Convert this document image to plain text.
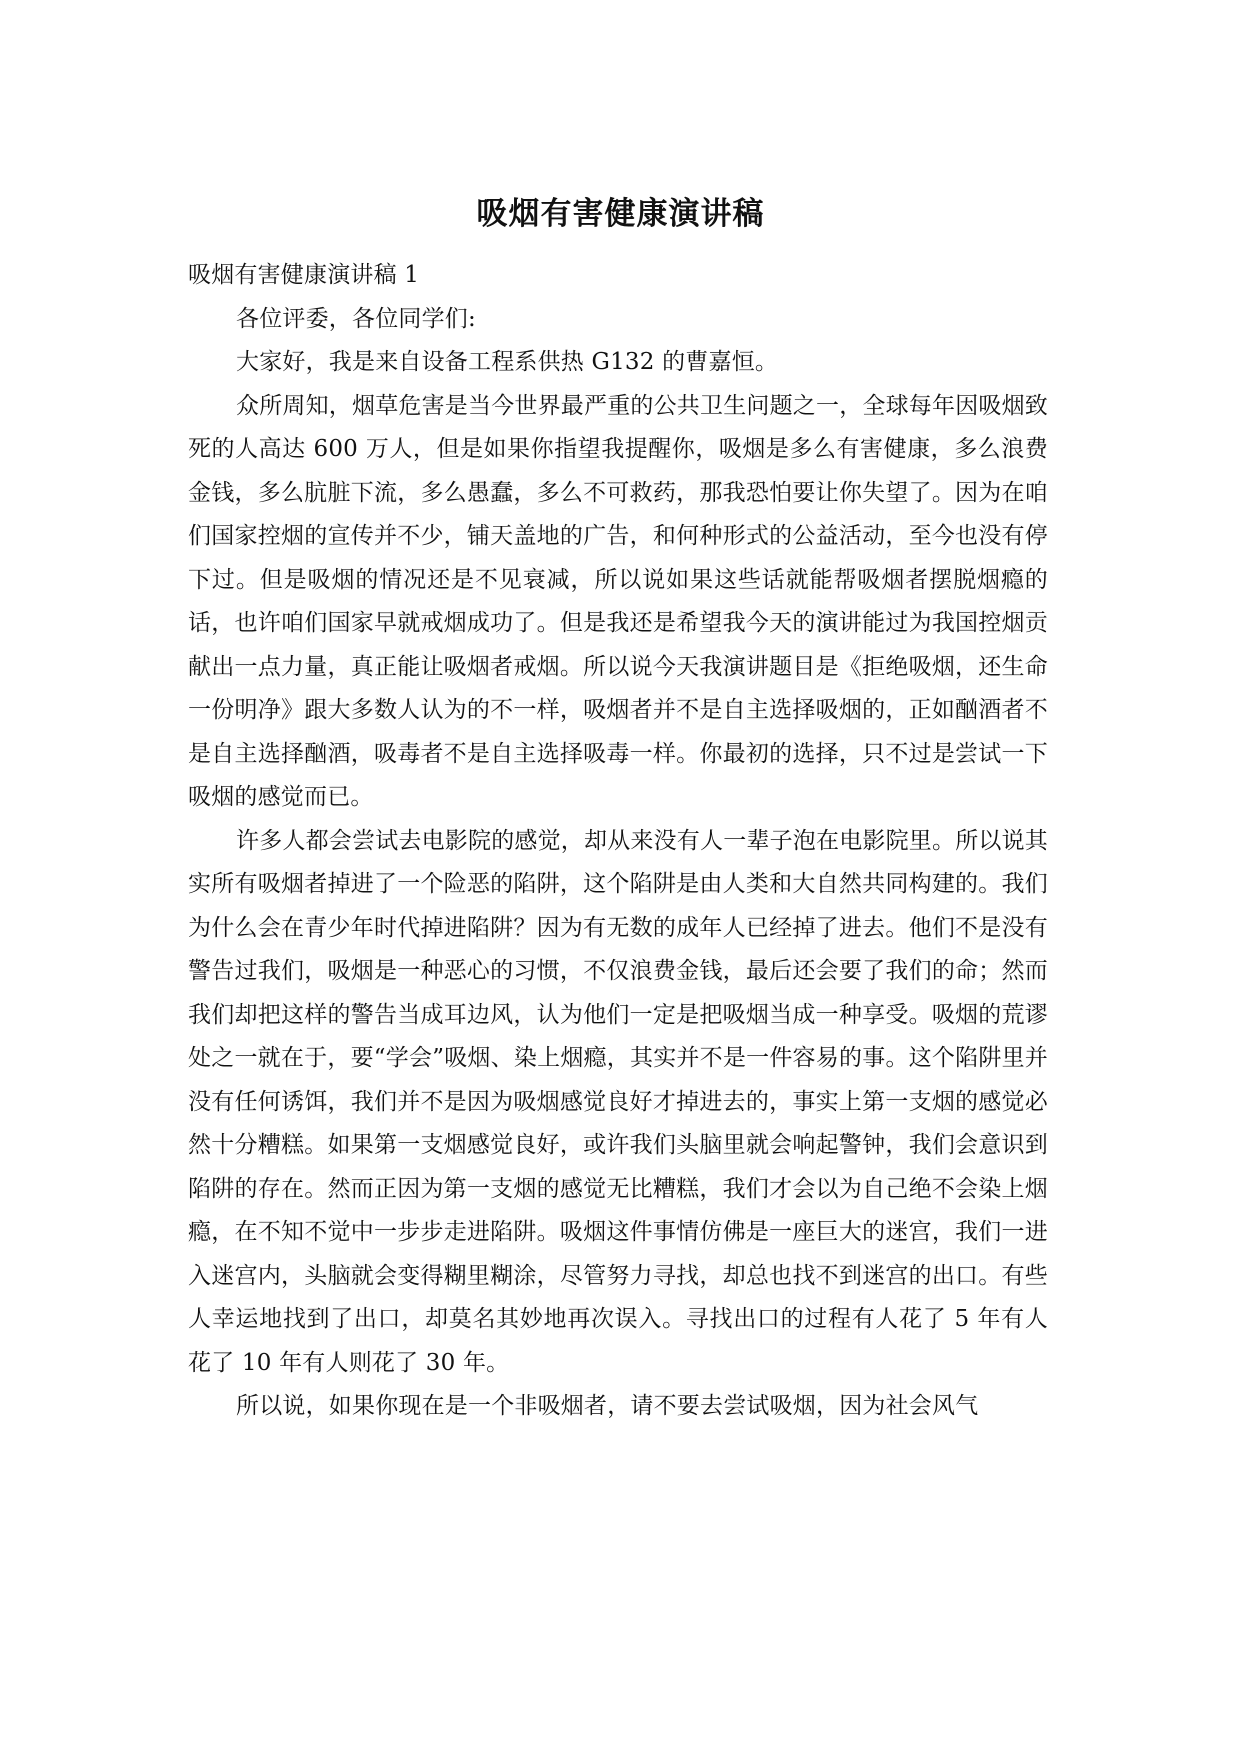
吸烟有害健康演讲稿

吸烟有害健康演讲稿 1

各位评委，各位同学们:

大家好，我是来自设备工程系供热 G132 的曹嘉恒。

众所周知，烟草危害是当今世界最严重的公共卫生问题之一，全球每年因吸烟致死的人高达 600 万人，但是如果你指望我提醒你，吸烟是多么有害健康，多么浪费金钱，多么肮脏下流，多么愚蠢，多么不可救药，那我恐怕要让你失望了。因为在咱们国家控烟的宣传并不少，铺天盖地的广告，和何种形式的公益活动，至今也没有停下过。但是吸烟的情况还是不见衰减，所以说如果这些话就能帮吸烟者摆脱烟瘾的话，也许咱们国家早就戒烟成功了。但是我还是希望我今天的演讲能过为我国控烟贡献出一点力量，真正能让吸烟者戒烟。所以说今天我演讲题目是《拒绝吸烟，还生命一份明净》跟大多数人认为的不一样，吸烟者并不是自主选择吸烟的，正如酗酒者不是自主选择酗酒，吸毒者不是自主选择吸毒一样。你最初的选择，只不过是尝试一下吸烟的感觉而已。

许多人都会尝试去电影院的感觉，却从来没有人一辈子泡在电影院里。所以说其实所有吸烟者掉进了一个险恶的陷阱，这个陷阱是由人类和大自然共同构建的。我们为什么会在青少年时代掉进陷阱？因为有无数的成年人已经掉了进去。他们不是没有警告过我们，吸烟是一种恶心的习惯，不仅浪费金钱，最后还会要了我们的命；然而我们却把这样的警告当成耳边风，认为他们一定是把吸烟当成一种享受。吸烟的荒谬处之一就在于，要“学会”吸烟、染上烟瘾，其实并不是一件容易的事。这个陷阱里并没有任何诱饵，我们并不是因为吸烟感觉良好才掉进去的，事实上第一支烟的感觉必然十分糟糕。如果第一支烟感觉良好，或许我们头脑里就会响起警钟，我们会意识到陷阱的存在。然而正因为第一支烟的感觉无比糟糕，我们才会以为自己绝不会染上烟瘾，在不知不觉中一步步走进陷阱。吸烟这件事情仿佛是一座巨大的迷宫，我们一进入迷宫内，头脑就会变得糊里糊涂，尽管努力寻找，却总也找不到迷宫的出口。有些人幸运地找到了出口，却莫名其妙地再次误入。寻找出口的过程有人花了 5 年有人花了 10 年有人则花了 30 年。

所以说，如果你现在是一个非吸烟者，请不要去尝试吸烟，因为社会风气
